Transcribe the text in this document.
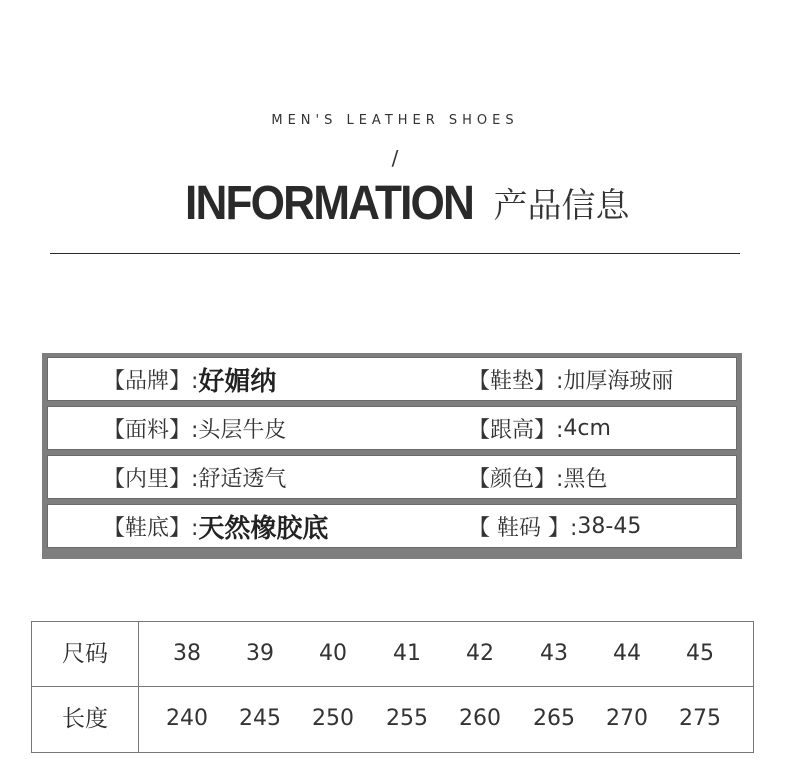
MEN'S LEATHER SHOES
/
INFORMATION 产品信息
【品牌】: 好媚纳	【鞋垫】: 加厚海玻丽
【面料】: 头层牛皮	【跟高】: 4cm
【内里】: 舒适透气	【颜色】: 黑色
【鞋底】: 天然橡胶底	【 鞋码 】: 38-45
尺码	38	39	40	41	42	43	44	45
长度	240	245	250	255	260	265	270	275
